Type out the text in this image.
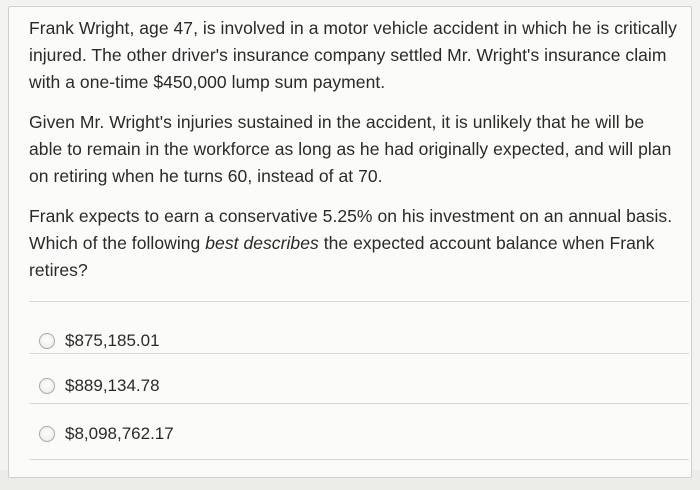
Frank Wright, age 47, is involved in a motor vehicle accident in which he is critically injured. The other driver's insurance company settled Mr. Wright's insurance claim with a one-time $450,000 lump sum payment.

Given Mr. Wright's injuries sustained in the accident, it is unlikely that he will be able to remain in the workforce as long as he had originally expected, and will plan on retiring when he turns 60, instead of at 70.

Frank expects to earn a conservative 5.25% on his investment on an annual basis. Which of the following best describes the expected account balance when Frank retires?

$875,185.01
$889,134.78
$8,098,762.17
